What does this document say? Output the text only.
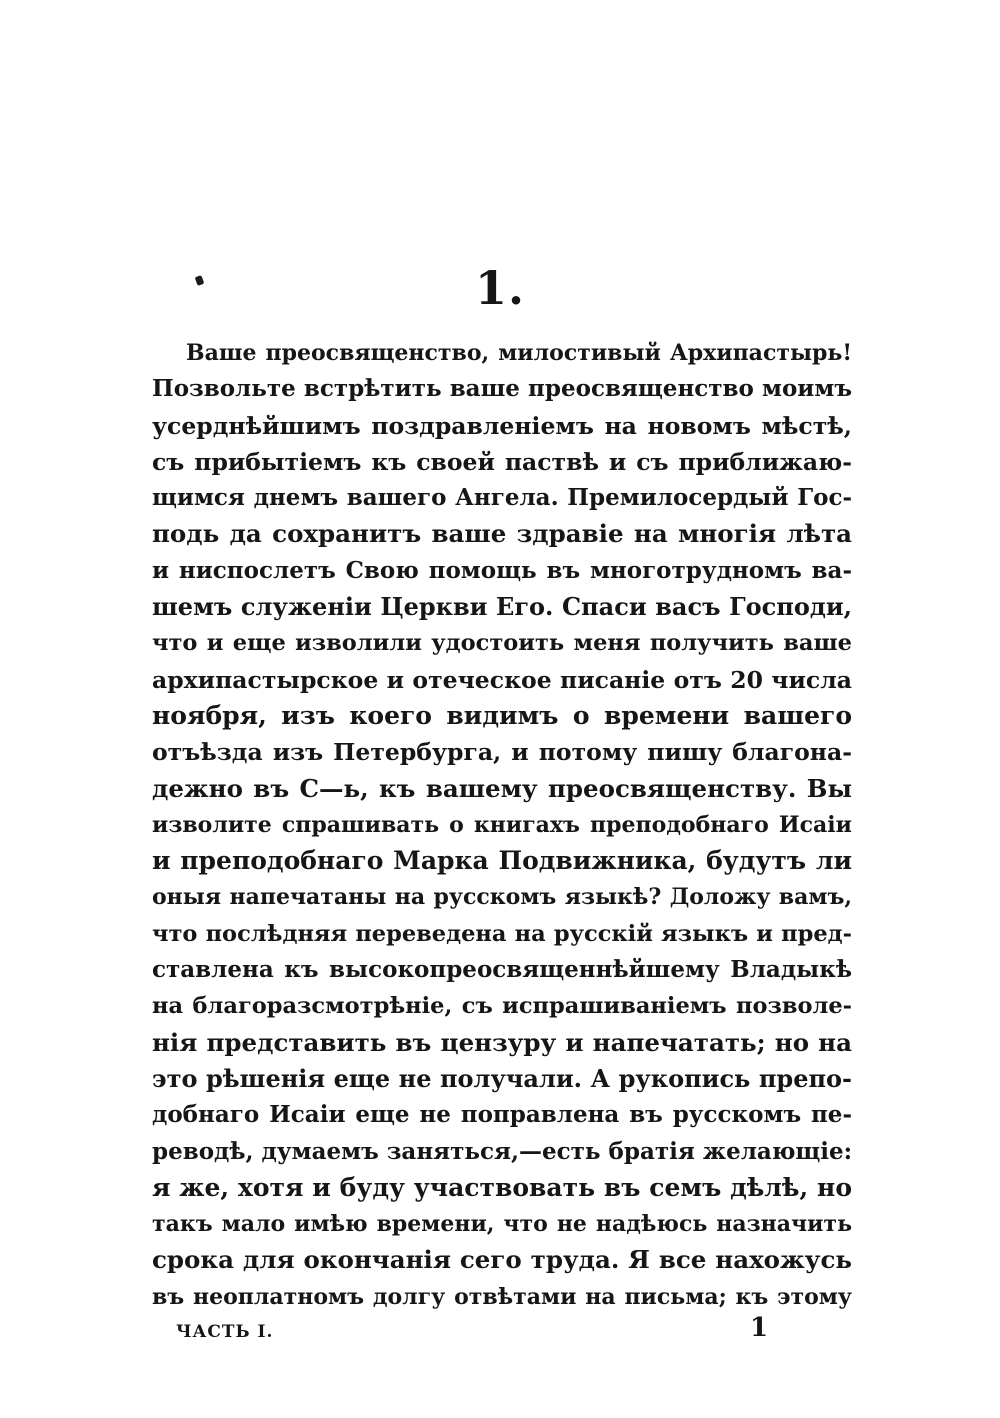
1.
Ваше преосвященство, милостивый Архипастырь!
Позвольте встрѣтить ваше преосвященство моимъ
усерднѣйшимъ поздравленіемъ на новомъ мѣстѣ,
съ прибытіемъ къ своей паствѣ и съ приближаю-
щимся днемъ вашего Ангела. Премилосердый Гос-
подь да сохранитъ ваше здравіе на многія лѣта
и ниспослетъ Свою помощь въ многотрудномъ ва-
шемъ служеніи Церкви Его. Спаси васъ Господи,
что и еще изволили удостоить меня получить ваше
архипастырское и отеческое писаніе отъ 20 числа
ноября, изъ коего видимъ о времени вашего
отъѣзда изъ Петербурга, и потому пишу благона-
дежно въ С—ь, къ вашему преосвященству. Вы
изволите спрашивать о книгахъ преподобнаго Исаіи
и преподобнаго Марка Подвижника, будутъ ли
оныя напечатаны на русскомъ языкѣ? Доложу вамъ,
что послѣдняя переведена на русскій языкъ и пред-
ставлена къ высокопреосвященнѣйшему Владыкѣ
на благоразсмотрѣніе, съ испрашиваніемъ позволе-
нія представить въ цензуру и напечатать; но на
это рѣшенія еще не получали. А рукопись препо-
добнаго Исаіи еще не поправлена въ русскомъ пе-
реводѣ, думаемъ заняться,—есть братія желающіе:
я же, хотя и буду участвовать въ семъ дѣлѣ, но
такъ мало имѣю времени, что не надѣюсь назначить
срока для окончанія сего труда. Я все нахожусь
въ неоплатномъ долгу отвѣтами на письма; къ этому
ЧАСТЬ I.	1
